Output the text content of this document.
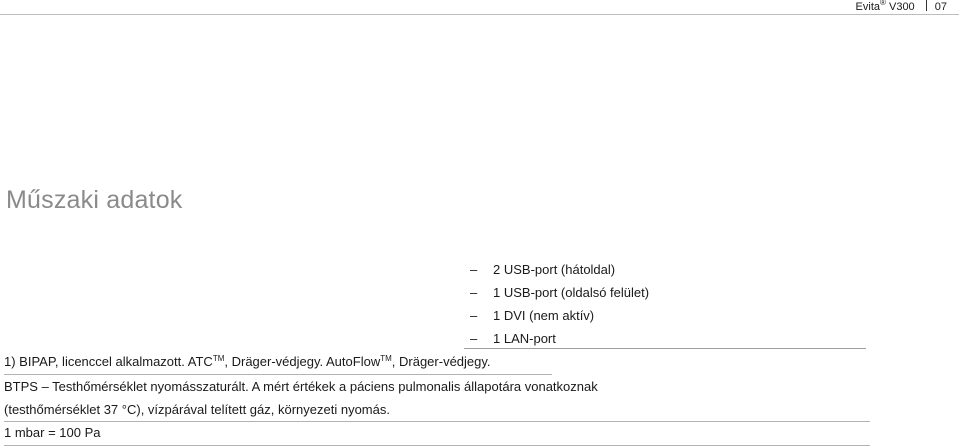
Evita® V300 07
Műszaki adatok
– 2 USB-port (hátoldal)
– 1 USB-port (oldalsó felület)
– 1 DVI (nem aktív)
– 1 LAN-port
1) BIPAP, licenccel alkalmazott. ATC™, Dräger-védjegy. AutoFlow™, Dräger-védjegy.
BTPS – Testhőmérséklet nyomásszaturált. A mért értékek a páciens pulmonalis állapotára vonatkoznak
(testhőmérséklet 37 °C), vízpárával telített gáz, környezeti nyomás.
1 mbar = 100 Pa
